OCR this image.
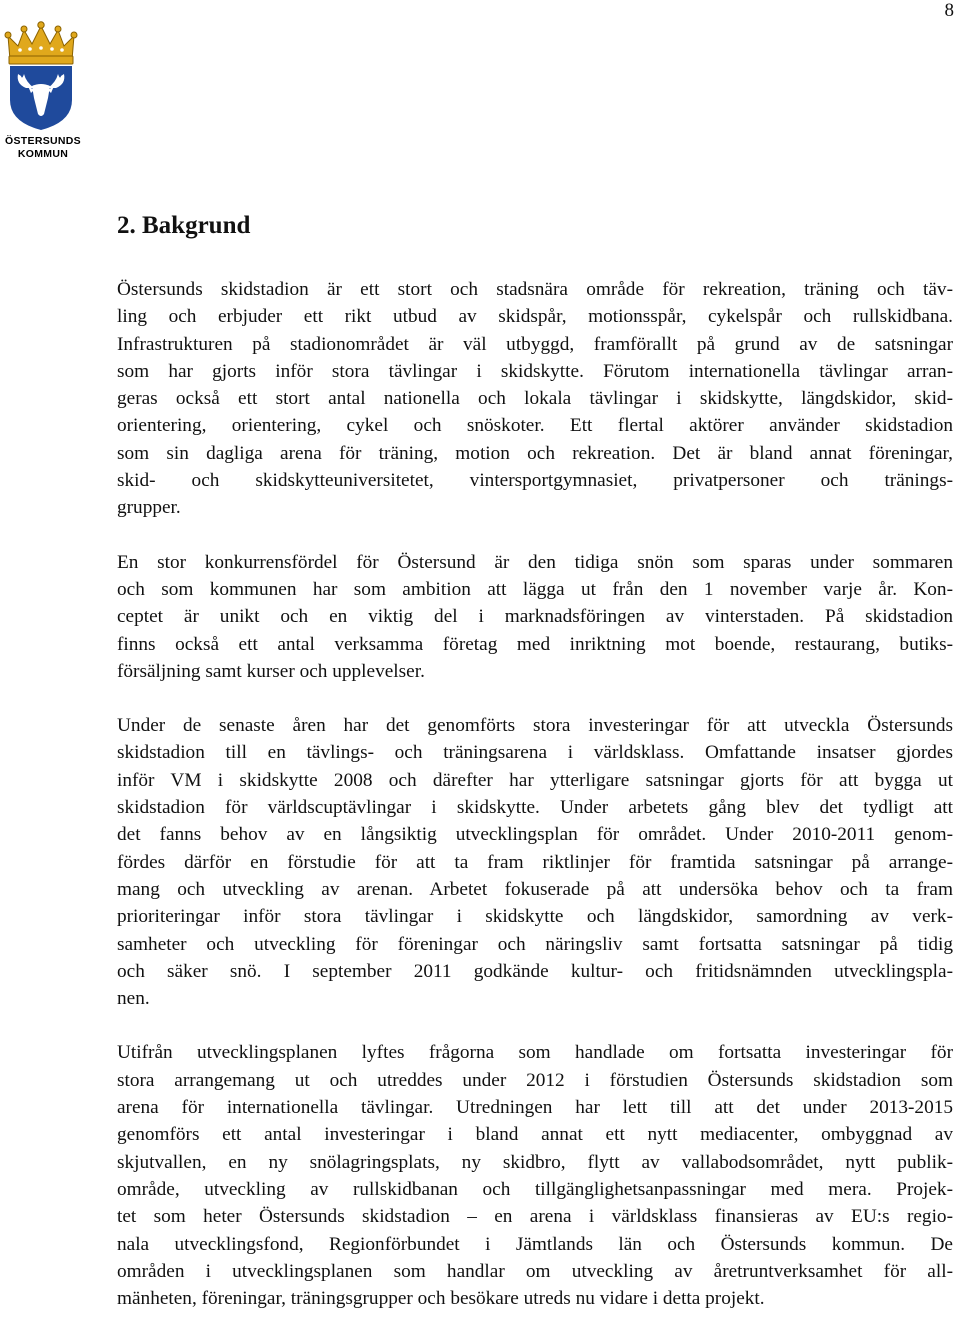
8
ÖSTERSUNDS
KOMMUN
2. Bakgrund

Östersunds skidstadion är ett stort och stadsnära område för rekreation, träning och täv-
ling och erbjuder ett rikt utbud av skidspår, motionsspår, cykelspår och rullskidbana.
Infrastrukturen på stadionområdet är väl utbyggd, framförallt på grund av de satsningar
som har gjorts inför stora tävlingar i skidskytte. Förutom internationella tävlingar arran-
geras också ett stort antal nationella och lokala tävlingar i skidskytte, längdskidor, skid-
orientering, orientering, cykel och snöskoter. Ett flertal aktörer använder skidstadion
som sin dagliga arena för träning, motion och rekreation. Det är bland annat föreningar,
skid- och skidskytteuniversitetet, vintersportgymnasiet, privatpersoner och tränings-
grupper.

En stor konkurrensfördel för Östersund är den tidiga snön som sparas under sommaren
och som kommunen har som ambition att lägga ut från den 1 november varje år. Kon-
ceptet är unikt och en viktig del i marknadsföringen av vinterstaden. På skidstadion
finns också ett antal verksamma företag med inriktning mot boende, restaurang, butiks-
försäljning samt kurser och upplevelser.

Under de senaste åren har det genomförts stora investeringar för att utveckla Östersunds
skidstadion till en tävlings- och träningsarena i världsklass. Omfattande insatser gjordes
inför VM i skidskytte 2008 och därefter har ytterligare satsningar gjorts för att bygga ut
skidstadion för världscuptävlingar i skidskytte. Under arbetets gång blev det tydligt att
det fanns behov av en långsiktig utvecklingsplan för området. Under 2010-2011 genom-
fördes därför en förstudie för att ta fram riktlinjer för framtida satsningar på arrange-
mang och utveckling av arenan. Arbetet fokuserade på att undersöka behov och ta fram
prioriteringar inför stora tävlingar i skidskytte och längdskidor, samordning av verk-
samheter och utveckling för föreningar och näringsliv samt fortsatta satsningar på tidig
och säker snö. I september 2011 godkände kultur- och fritidsnämnden utvecklingspla-
nen.

Utifrån utvecklingsplanen lyftes frågorna som handlade om fortsatta investeringar för
stora arrangemang ut och utreddes under 2012 i förstudien Östersunds skidstadion som
arena för internationella tävlingar. Utredningen har lett till att det under 2013-2015
genomförs ett antal investeringar i bland annat ett nytt mediacenter, ombyggnad av
skjutvallen, en ny snölagringsplats, ny skidbro, flytt av vallabodsområdet, nytt publik-
område, utveckling av rullskidbanan och tillgänglighetsanpassningar med mera. Projek-
tet som heter Östersunds skidstadion – en arena i världsklass finansieras av EU:s regio-
nala utvecklingsfond, Regionförbundet i Jämtlands län och Östersunds kommun. De
områden i utvecklingsplanen som handlar om utveckling av åretruntverksamhet för all-
mänheten, föreningar, träningsgrupper och besökare utreds nu vidare i detta projekt.
